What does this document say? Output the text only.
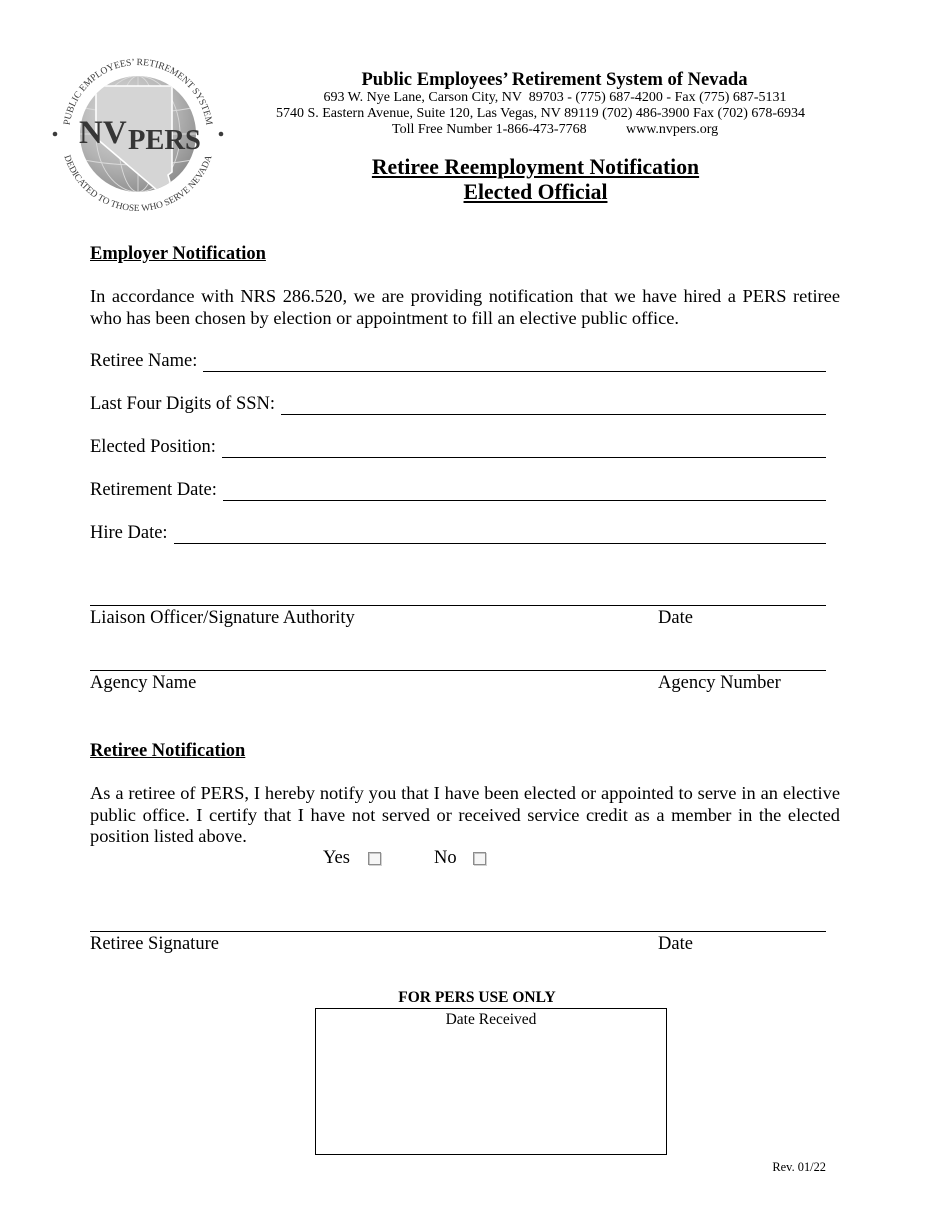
NV PERS
PUBLIC EMPLOYEES’ RETIREMENT SYSTEM
DEDICATED TO THOSE WHO SERVE NEVADA
Public Employees’ Retirement System of Nevada
693 W. Nye Lane, Carson City, NV  89703 - (775) 687-4200 - Fax (775) 687-5131
5740 S. Eastern Avenue, Suite 120, Las Vegas, NV 89119 (702) 486-3900 Fax (702) 678-6934
Toll Free Number 1-866-473-7768	www.nvpers.org
Retiree Reemployment Notification
Elected Official
Employer Notification
In accordance with NRS 286.520, we are providing notification that we have hired a PERS retiree
who has been chosen by election or appointment to fill an elective public office.
Retiree Name:
Last Four Digits of SSN:
Elected Position:
Retirement Date:
Hire Date:
Liaison Officer/Signature Authority	Date
Agency Name	Agency Number
Retiree Notification
As a retiree of PERS, I hereby notify you that I have been elected or appointed to serve in an elective
public office. I certify that I have not served or received service credit as a member in the elected
position listed above.
Yes	No
Retiree Signature	Date
FOR PERS USE ONLY
Date Received
Rev. 01/22
